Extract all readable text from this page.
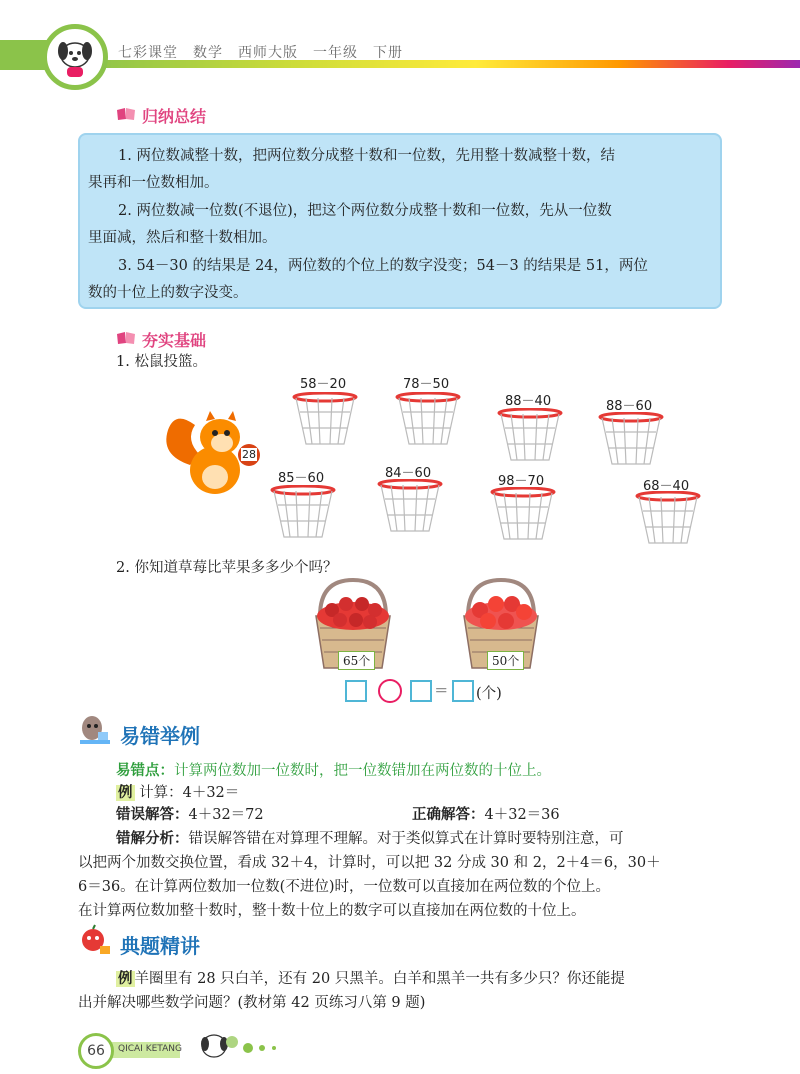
七彩课堂　数学　西师大版　一年级　下册
归纳总结
1. 两位数减整十数，把两位数分成整十数和一位数，先用整十数减整十数，结
果再和一位数相加。
2. 两位数减一位数(不退位)，把这个两位数分成整十数和一位数，先从一位数
里面减，然后和整十数相加。
3. 54－30 的结果是 24，两位数的个位上的数字没变；54－3 的结果是 51，两位
数的十位上的数字没变。
夯实基础
1. 松鼠投篮。
28
58－20	78－50
88－40	88－60
85－60	84－60
98－70	68－40
2. 你知道草莓比苹果多多少个吗？
65个	50个
＝ (个)
易错举例
易错点：计算两位数加一位数时，把一位数错加在两位数的十位上。
例 计算：4＋32＝
错误解答：4＋32＝72	正确解答：4＋32＝36
错解分析：错误解答错在对算理不理解。对于类似算式在计算时要特别注意，可
以把两个加数交换位置，看成 32＋4，计算时，可以把 32 分成 30 和 2，2＋4＝6，30＋
6＝36。在计算两位数加一位数(不进位)时，一位数可以直接加在两位数的个位上。
在计算两位数加整十数时，整十数十位上的数字可以直接加在两位数的十位上。
典题精讲
例 羊圈里有 28 只白羊，还有 20 只黑羊。白羊和黑羊一共有多少只？你还能提
出并解决哪些数学问题？(教材第 42 页练习八第 9 题)
66	QICAI KETANG
